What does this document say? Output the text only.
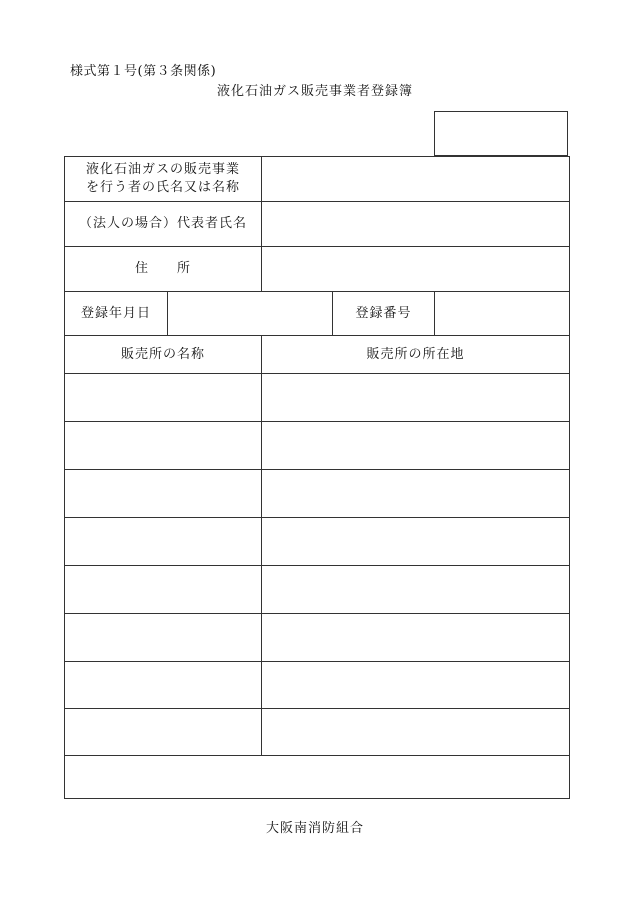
様式第１号(第３条関係)
液化石油ガス販売事業者登録簿
液化石油ガスの販売事業
を行う者の氏名又は名称				
（法人の場合）代表者氏名				
住　　所				
登録年月日			登録番号	
販売所の名称		販売所の所在地		

大阪南消防組合
